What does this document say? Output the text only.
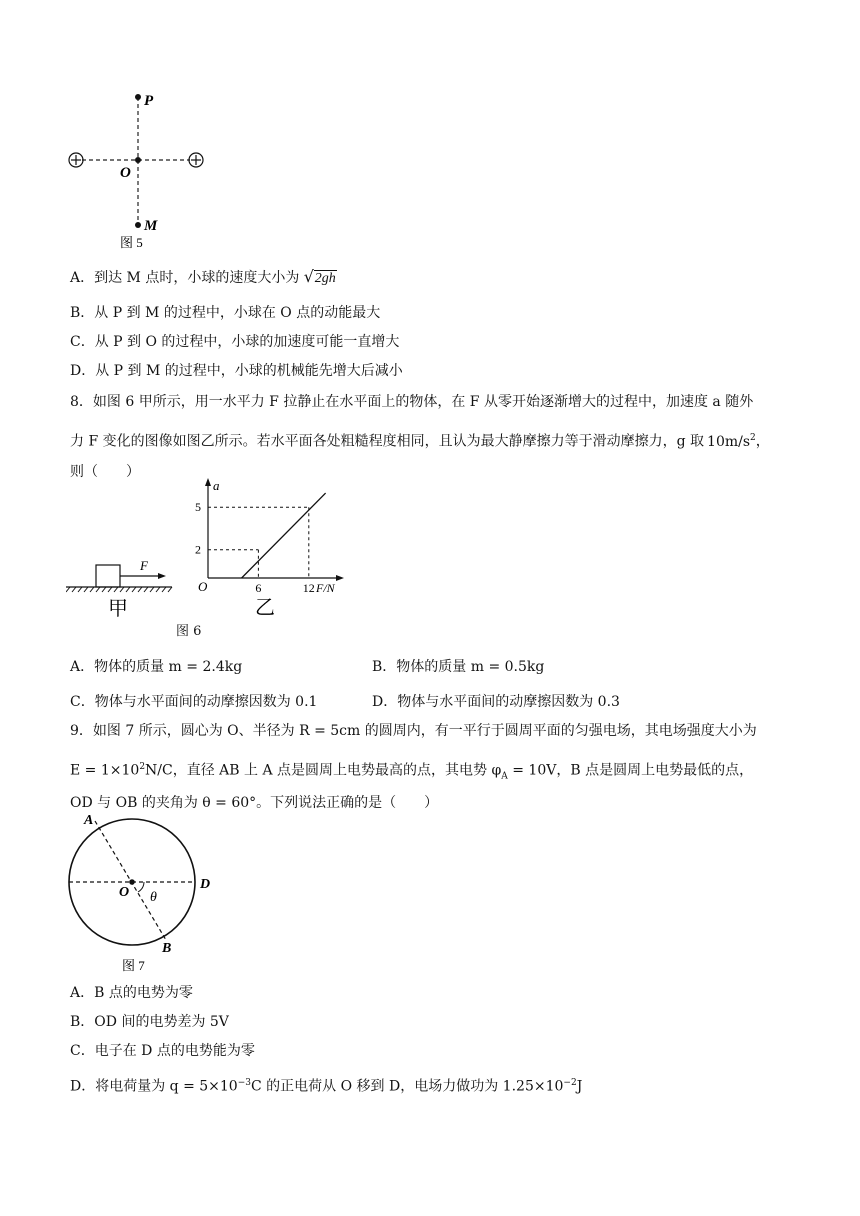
P
O
M
图 5
A．到达 M 点时，小球的速度大小为 √ 2gh
B．从 P 到 M 的过程中，小球在 O 点的动能最大
C．从 P 到 O 的过程中，小球的加速度可能一直增大
D．从 P 到 M 的过程中，小球的机械能先增大后减小
8．如图 6 甲所示，用一水平力 F 拉静止在水平面上的物体，在 F 从零开始逐渐增大的过程中，加速度 a 随外
力 F 变化的图像如图乙所示。若水平面各处粗糙程度相同，且认为最大静摩擦力等于滑动摩擦力，g 取 $10m/s^2$，
则（　　）
F
甲
a
F/N
O	6
2
12
5
乙
图 6
A．物体的质量 m = 2.4kg	B．物体的质量 m = 0.5kg
C．物体与水平面间的动摩擦因数为 0.1	D．物体与水平面间的动摩擦因数为 0.3
9．如图 7 所示，圆心为 O、半径为 R = 5cm 的圆周内，有一平行于圆周平面的匀强电场，其电场强度大小为
$E = 1\times 10^2N/C$，直径 AB 上 A 点是圆周上电势最高的点，其电势 $\varphi_A = 10V$，B 点是圆周上电势最低的点，
OD 与 OB 的夹角为 θ = 60°。下列说法正确的是（　　）
A
B
O
D
θ
图 7
A．B 点的电势为零
B．OD 间的电势差为 5V
C．电子在 D 点的电势能为零
D．将电荷量为 $q = 5\times 10^{-3}C$ 的正电荷从 O 移到 D，电场力做功为 $1.25\times 10^{-2}J$
